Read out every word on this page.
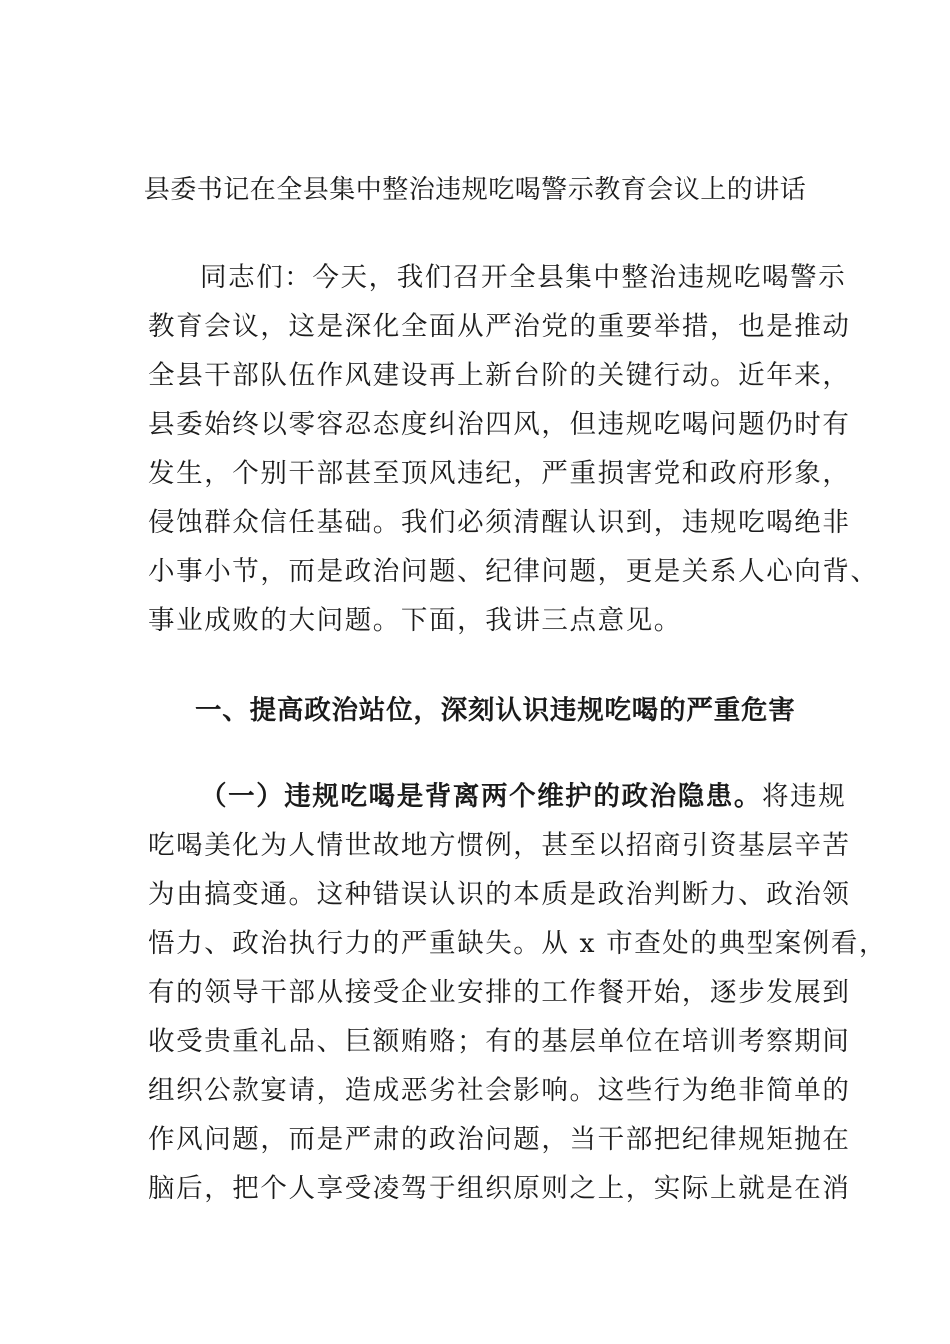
县委书记在全县集中整治违规吃喝警示教育会议上的讲话
同志们：今天，我们召开全县集中整治违规吃喝警示
教育会议，这是深化全面从严治党的重要举措，也是推动
全县干部队伍作风建设再上新台阶的关键行动。近年来，
县委始终以零容忍态度纠治四风，但违规吃喝问题仍时有
发生，个别干部甚至顶风违纪，严重损害党和政府形象，
侵蚀群众信任基础。我们必须清醒认识到，违规吃喝绝非
小事小节，而是政治问题、纪律问题，更是关系人心向背、
事业成败的大问题。下面，我讲三点意见。
一、提高政治站位，深刻认识违规吃喝的严重危害
（一）违规吃喝是背离两个维护的政治隐患。将违规
吃喝美化为人情世故地方惯例，甚至以招商引资基层辛苦
为由搞变通。这种错误认识的本质是政治判断力、政治领
悟力、政治执行力的严重缺失。从 x 市查处的典型案例看，
有的领导干部从接受企业安排的工作餐开始，逐步发展到
收受贵重礼品、巨额贿赂；有的基层单位在培训考察期间
组织公款宴请，造成恶劣社会影响。这些行为绝非简单的
作风问题，而是严肃的政治问题，当干部把纪律规矩抛在
脑后，把个人享受凌驾于组织原则之上，实际上就是在消
